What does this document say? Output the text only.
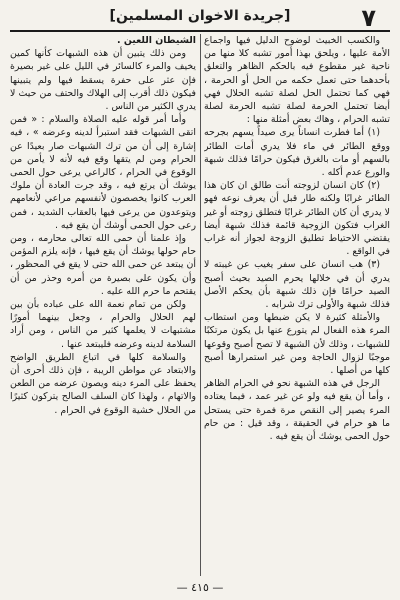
٧
[جريدة الاخوان المسلمين]

والكسب الخبيث لوضوح الدليل فيها واجماع الأمة عليها ، ويلحق بهذا أمور تشبه كلا منها من ناحية غير مقطوع فيه بالحكم الظاهر والتعلق بأحدهما حتى تعمل حكمه من الحل أو الحرمة ، فهي كما تحتمل الحل لصلة تشبه الحلال فهي أيضا تحتمل الحرمة لصلة تشبه الحرمة لصلة تشبه الحرام ، وهاك بعض أمثلة منها :

(١) أما فطرت انساناً يرى صيداً يسهم بجرحه ووقع الطائر في ماء فلا يدري أمات الطائر بالسهم أو مات بالغرق فيكون حرامًا فذلك شبهة والورع عدم أكله .

(٢) كان انسان لزوجته أنت طالق ان كان هذا الطائر غرابًا ولكنه طار قبل أن يعرف نوعه فهو لا يدري أن كان الطائر غرابًا فتطلق زوجته أو غير الغراب فتكون الزوجية قائمة فذلك شبهة أيضا يقتضي الاحتياط تطليق الزوجة لجواز أنه غراب في الواقع .

(٣) هب انسان على سفر يغيب عن غيبته لا يدري أن في خلالها يحرم الصيد بحيث أصبح الصيد حرامًا فإن ذلك شبهة بأن يحكم الأصل فذلك شبهة والأولى ترك شرابه .

والأمثلة كثيرة لا يكن ضبطها ومن استطاب المرء هذه الفعال لم يتورع عنها بل يكون مرتكبًا للشبهات ، وذلك لأن الشبهة لا تصح أصبح وقوعها موجبًا لزوال الحاجة ومن غير استمرارها أصبح كلها من أصلها .

الرجل في هذه الشبهة نحو في الحرام الظاهر ، وأما أن يقع فيه ولو عن غير عمد ، فيما يعتاده المرء يصير إلى النقص مرة فمرة حتى يستحل ما هو حرام في الحقيقة ، وقد قيل : من حام حول الحمى يوشك أن يقع فيه .

الشيطان اللعين .

ومن ذلك يتبين أن هذه الشبهات كأنها كمين يخيف والمرء كالسائر في الليل على غير بصيرة فإن عثر على حفرة يسقط فيها ولم يتبينها فيكون ذلك أقرب إلى الهلاك والحتف من حيث لا يدري الكثير من الناس .

وأما أمر قوله عليه الصلاة والسلام : « فمن اتقى الشبهات فقد استبرأ لدينه وعرضه » ، فيه إشارة إلى أن من ترك الشبهات صار بعيدًا عن الحرام ومن لم يتقها وقع فيه لأنه لا يأمن من الوقوع في الحرام ، كالراعي يرعى حول الحمى يوشك أن يرتع فيه ، وقد جرت العادة أن ملوك العرب كانوا يخصصون لأنفسهم مراعي لأنعامهم ويتوعدون من يرعى فيها بالعقاب الشديد ، فمن رعى حول الحمى أوشك أن يقع فيه .

وإذ علمنا أن حمى الله تعالى محارمه ، ومن حام حولها يوشك أن يقع فيها ، فإنه يلزم المؤمن أن يبتعد عن حمى الله حتى لا يقع في المحظور ، وأن يكون على بصيرة من أمره وحذر من أن يقتحم ما حرم الله عليه .

ولكن من تمام نعمة الله على عباده بأن بين لهم الحلال والحرام ، وجعل بينهما أمورًا مشتبهات لا يعلمها كثير من الناس ، ومن أراد السلامة لدينه وعرضه فليبتعد عنها .

والسلامة كلها في اتباع الطريق الواضح والابتعاد عن مواطن الريبة ، فإن ذلك أحرى أن يحفظ على المرء دينه ويصون عرضه من الطعن والاتهام ، ولهذا كان السلف الصالح يتركون كثيرًا من الحلال خشية الوقوع في الحرام .

— ٤١٥ —
